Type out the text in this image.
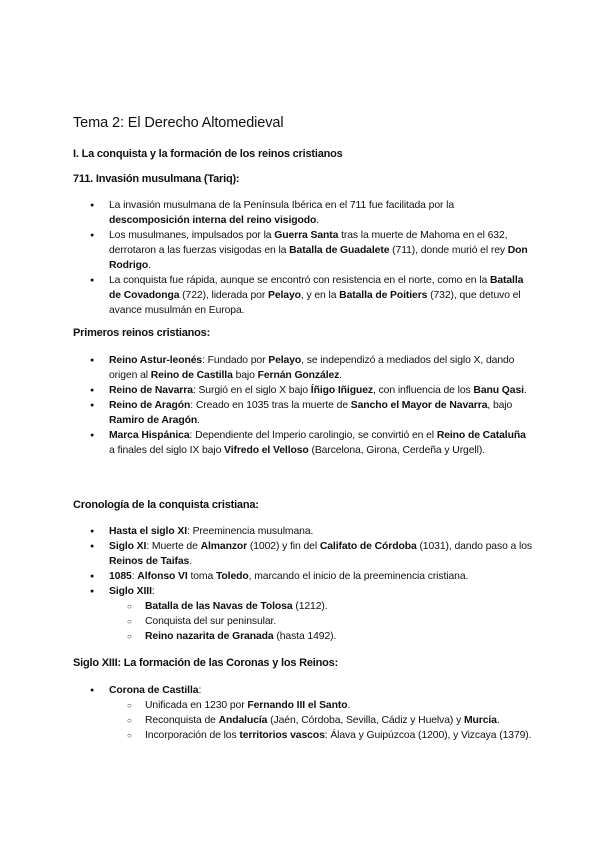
Tema 2: El Derecho Altomedieval
I. La conquista y la formación de los reinos cristianos
711. Invasión musulmana (Tariq):
● La invasión musulmana de la Península Ibérica en el 711 fue facilitada por la descomposición interna del reino visigodo.
● Los musulmanes, impulsados por la Guerra Santa tras la muerte de Mahoma en el 632, derrotaron a las fuerzas visigodas en la Batalla de Guadalete (711), donde murió el rey Don Rodrigo.
● La conquista fue rápida, aunque se encontró con resistencia en el norte, como en la Batalla de Covadonga (722), liderada por Pelayo, y en la Batalla de Poitiers (732), que detuvo el avance musulmán en Europa.
Primeros reinos cristianos:
● Reino Astur-leonés: Fundado por Pelayo, se independizó a mediados del siglo X, dando origen al Reino de Castilla bajo Fernán González.
● Reino de Navarra: Surgió en el siglo X bajo Íñigo Iñiguez, con influencia de los Banu Qasi.
● Reino de Aragón: Creado en 1035 tras la muerte de Sancho el Mayor de Navarra, bajo Ramiro de Aragón.
● Marca Hispánica: Dependiente del Imperio carolingio, se convirtió en el Reino de Cataluña a finales del siglo IX bajo Vifredo el Velloso (Barcelona, Girona, Cerdeña y Urgell).
Cronología de la conquista cristiana:
● Hasta el siglo XI: Preeminencia musulmana.
● Siglo XI: Muerte de Almanzor (1002) y fin del Califato de Córdoba (1031), dando paso a los Reinos de Taifas.
● 1085: Alfonso VI toma Toledo, marcando el inicio de la preeminencia cristiana.
● Siglo XIII:
○ Batalla de las Navas de Tolosa (1212).
○ Conquista del sur peninsular.
○ Reino nazarita de Granada (hasta 1492).
Siglo XIII: La formación de las Coronas y los Reinos:
● Corona de Castilla:
○ Unificada en 1230 por Fernando III el Santo.
○ Reconquista de Andalucía (Jaén, Córdoba, Sevilla, Cádiz y Huelva) y Murcia.
○ Incorporación de los territorios vascos: Álava y Guipúzcoa (1200), y Vizcaya (1379).
